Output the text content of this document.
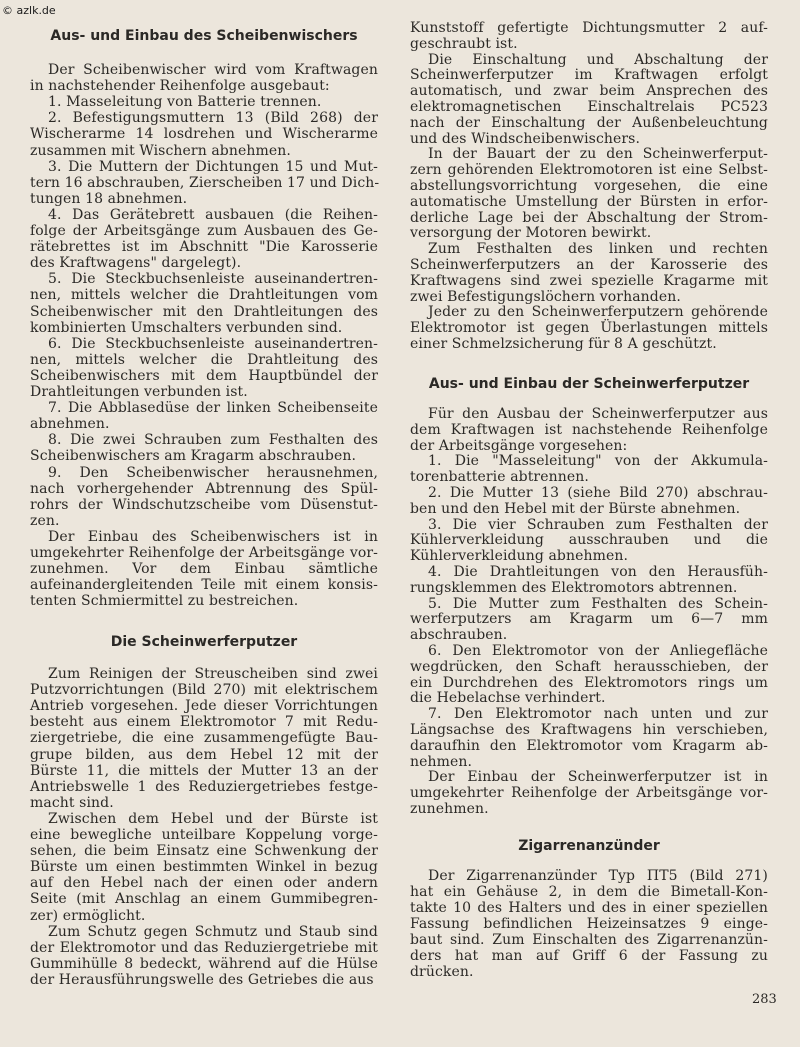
© azlk.de
Aus- und Einbau des Scheibenwischers
Der Scheibenwischer wird vom Kraftwagen
in nachstehender Reihenfolge ausgebaut:
1. Masseleitung von Batterie trennen.
2. Befestigungsmuttern 13 (Bild 268) der
Wischerarme 14 losdrehen und Wischerarme
zusammen mit Wischern abnehmen.
3. Die Muttern der Dichtungen 15 und Mut-
tern 16 abschrauben, Zierscheiben 17 und Dich-
tungen 18 abnehmen.
4. Das Gerätebrett ausbauen (die Reihen-
folge der Arbeitsgänge zum Ausbauen des Ge-
rätebrettes ist im Abschnitt "Die Karosserie
des Kraftwagens" dargelegt).
5. Die Steckbuchsenleiste auseinandertren-
nen, mittels welcher die Drahtleitungen vom
Scheibenwischer mit den Drahtleitungen des
kombinierten Umschalters verbunden sind.
6. Die Steckbuchsenleiste auseinandertren-
nen, mittels welcher die Drahtleitung des
Scheibenwischers mit dem Hauptbündel der
Drahtleitungen verbunden ist.
7. Die Abblasedüse der linken Scheibenseite
abnehmen.
8. Die zwei Schrauben zum Festhalten des
Scheibenwischers am Kragarm abschrauben.
9. Den Scheibenwischer herausnehmen,
nach vorhergehender Abtrennung des Spül-
rohrs der Windschutzscheibe vom Düsenstut-
zen.
Der Einbau des Scheibenwischers ist in
umgekehrter Reihenfolge der Arbeitsgänge vor-
zunehmen. Vor dem Einbau sämtliche
aufeinandergleitenden Teile mit einem konsis-
tenten Schmiermittel zu bestreichen.
Die Scheinwerferputzer
Zum Reinigen der Streuscheiben sind zwei
Putzvorrichtungen (Bild 270) mit elektrischem
Antrieb vorgesehen. Jede dieser Vorrichtungen
besteht aus einem Elektromotor 7 mit Redu-
ziergetriebe, die eine zusammengefügte Bau-
grupe bilden, aus dem Hebel 12 mit der
Bürste 11, die mittels der Mutter 13 an der
Antriebswelle 1 des Reduziergetriebes festge-
macht sind.
Zwischen dem Hebel und der Bürste ist
eine bewegliche unteilbare Koppelung vorge-
sehen, die beim Einsatz eine Schwenkung der
Bürste um einen bestimmten Winkel in bezug
auf den Hebel nach der einen oder andern
Seite (mit Anschlag an einem Gummibegren-
zer) ermöglicht.
Zum Schutz gegen Schmutz und Staub sind
der Elektromotor und das Reduziergetriebe mit
Gummihülle 8 bedeckt, während auf die Hülse
der Herausführungswelle des Getriebes die aus
Kunststoff gefertigte Dichtungsmutter 2 auf-
geschraubt ist.
Die Einschaltung und Abschaltung der
Scheinwerferputzer im Kraftwagen erfolgt
automatisch, und zwar beim Ansprechen des
elektromagnetischen Einschaltrelais PC523
nach der Einschaltung der Außenbeleuchtung
und des Windscheibenwischers.
In der Bauart der zu den Scheinwerferput-
zern gehörenden Elektromotoren ist eine Selbst-
abstellungsvorrichtung vorgesehen, die eine
automatische Umstellung der Bürsten in erfor-
derliche Lage bei der Abschaltung der Strom-
versorgung der Motoren bewirkt.
Zum Festhalten des linken und rechten
Scheinwerferputzers an der Karosserie des
Kraftwagens sind zwei spezielle Kragarme mit
zwei Befestigungslöchern vorhanden.
Jeder zu den Scheinwerferputzern gehörende
Elektromotor ist gegen Überlastungen mittels
einer Schmelzsicherung für 8 A geschützt.
Aus- und Einbau der Scheinwerferputzer
Für den Ausbau der Scheinwerferputzer aus
dem Kraftwagen ist nachstehende Reihenfolge
der Arbeitsgänge vorgesehen:
1. Die "Masseleitung" von der Akkumula-
torenbatterie abtrennen.
2. Die Mutter 13 (siehe Bild 270) abschrau-
ben und den Hebel mit der Bürste abnehmen.
3. Die vier Schrauben zum Festhalten der
Kühlerverkleidung ausschrauben und die
Kühlerverkleidung abnehmen.
4. Die Drahtleitungen von den Herausfüh-
rungsklemmen des Elektromotors abtrennen.
5. Die Mutter zum Festhalten des Schein-
werferputzers am Kragarm um 6—7 mm
abschrauben.
6. Den Elektromotor von der Anliegefläche
wegdrücken, den Schaft herausschieben, der
ein Durchdrehen des Elektromotors rings um
die Hebelachse verhindert.
7. Den Elektromotor nach unten und zur
Längsachse des Kraftwagens hin verschieben,
daraufhin den Elektromotor vom Kragarm ab-
nehmen.
Der Einbau der Scheinwerferputzer ist in
umgekehrter Reihenfolge der Arbeitsgänge vor-
zunehmen.
Zigarrenanzünder
Der Zigarrenanzünder Typ ПТ5 (Bild 271)
hat ein Gehäuse 2, in dem die Bimetall-Kon-
takte 10 des Halters und des in einer speziellen
Fassung befindlichen Heizeinsatzes 9 einge-
baut sind. Zum Einschalten des Zigarrenanzün-
ders hat man auf Griff 6 der Fassung zu
drücken.
283
